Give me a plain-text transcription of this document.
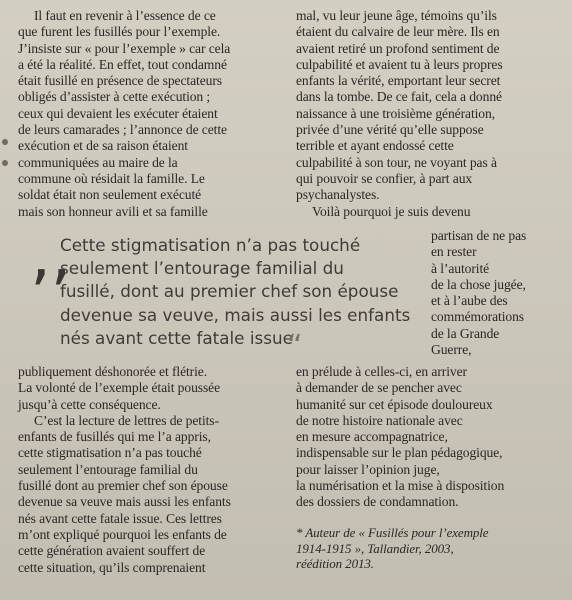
Il faut en revenir à l’essence de ce
que furent les fusillés pour l’exemple.
J’insiste sur « pour l’exemple » car cela
a été la réalité. En effet, tout condamné
était fusillé en présence de spectateurs
obligés d’assister à cette exécution ;
ceux qui devaient les exécuter étaient
de leurs camarades ; l’annonce de cette
exécution et de sa raison étaient
communiquées au maire de la
commune où résidait la famille. Le
soldat était non seulement exécuté
mais son honneur avili et sa famille
mal, vu leur jeune âge, témoins qu’ils
étaient du calvaire de leur mère. Ils en
avaient retiré un profond sentiment de
culpabilité et avaient tu à leurs propres
enfants la vérité, emportant leur secret
dans la tombe. De ce fait, cela a donné
naissance à une troisième génération,
privée d’une vérité qu’elle suppose
terrible et ayant endossé cette
culpabilité à son tour, ne voyant pas à
qui pouvoir se confier, à part aux
psychanalystes.
Voilà pourquoi je suis devenu
partisan de ne pas
en rester
à l’autorité
de la chose jugée,
et à l’aube des
commémorations
de la Grande
Guerre,
‚‚
Cette stigmatisation n’a pas touché
seulement l’entourage familial du
fusillé, dont au premier chef son épouse
devenue sa veuve, mais aussi les enfants
nés avant cette fatale issue
“
publiquement déshonorée et flétrie.
La volonté de l’exemple était poussée
jusqu’à cette conséquence.
C’est la lecture de lettres de petits-
enfants de fusillés qui me l’a appris,
cette stigmatisation n’a pas touché
seulement l’entourage familial du
fusillé dont au premier chef son épouse
devenue sa veuve mais aussi les enfants
nés avant cette fatale issue. Ces lettres
m’ont expliqué pourquoi les enfants de
cette génération avaient souffert de
cette situation, qu’ils comprenaient
en prélude à celles-ci, en arriver
à demander de se pencher avec
humanité sur cet épisode douloureux
de notre histoire nationale avec
en mesure accompagnatrice,
indispensable sur le plan pédagogique,
pour laisser l’opinion juge,
la numérisation et la mise à disposition
des dossiers de condamnation.
* Auteur de « Fusillés pour l’exemple
1914-1915 », Tallandier, 2003,
réédition 2013.
